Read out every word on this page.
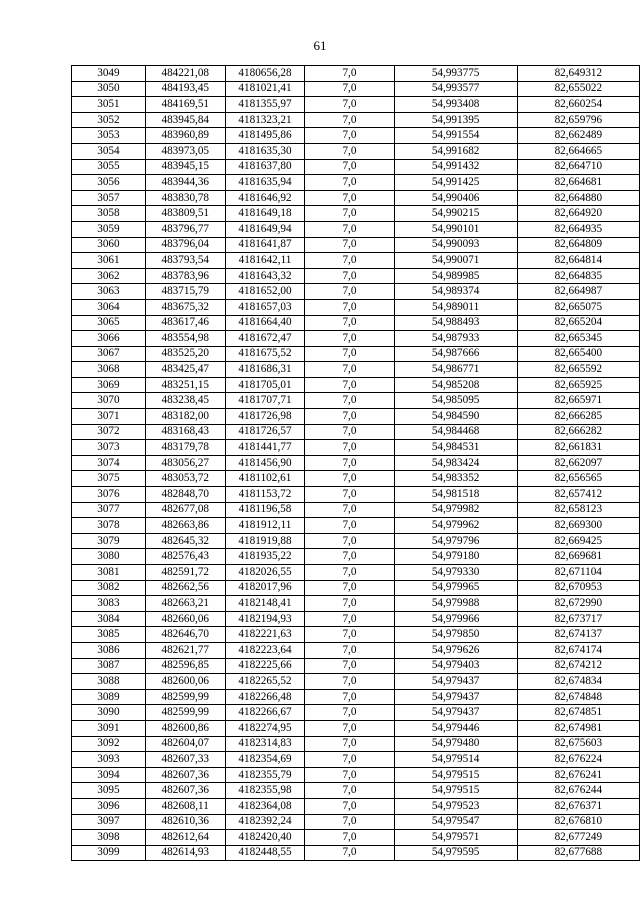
61
3049	484221,08	4180656,28	7,0	54,993775	82,649312
3050	484193,45	4181021,41	7,0	54,993577	82,655022
3051	484169,51	4181355,97	7,0	54,993408	82,660254
3052	483945,84	4181323,21	7,0	54,991395	82,659796
3053	483960,89	4181495,86	7,0	54,991554	82,662489
3054	483973,05	4181635,30	7,0	54,991682	82,664665
3055	483945,15	4181637,80	7,0	54,991432	82,664710
3056	483944,36	4181635,94	7,0	54,991425	82,664681
3057	483830,78	4181646,92	7,0	54,990406	82,664880
3058	483809,51	4181649,18	7,0	54,990215	82,664920
3059	483796,77	4181649,94	7,0	54,990101	82,664935
3060	483796,04	4181641,87	7,0	54,990093	82,664809
3061	483793,54	4181642,11	7,0	54,990071	82,664814
3062	483783,96	4181643,32	7,0	54,989985	82,664835
3063	483715,79	4181652,00	7,0	54,989374	82,664987
3064	483675,32	4181657,03	7,0	54,989011	82,665075
3065	483617,46	4181664,40	7,0	54,988493	82,665204
3066	483554,98	4181672,47	7,0	54,987933	82,665345
3067	483525,20	4181675,52	7,0	54,987666	82,665400
3068	483425,47	4181686,31	7,0	54,986771	82,665592
3069	483251,15	4181705,01	7,0	54,985208	82,665925
3070	483238,45	4181707,71	7,0	54,985095	82,665971
3071	483182,00	4181726,98	7,0	54,984590	82,666285
3072	483168,43	4181726,57	7,0	54,984468	82,666282
3073	483179,78	4181441,77	7,0	54,984531	82,661831
3074	483056,27	4181456,90	7,0	54,983424	82,662097
3075	483053,72	4181102,61	7,0	54,983352	82,656565
3076	482848,70	4181153,72	7,0	54,981518	82,657412
3077	482677,08	4181196,58	7,0	54,979982	82,658123
3078	482663,86	4181912,11	7,0	54,979962	82,669300
3079	482645,32	4181919,88	7,0	54,979796	82,669425
3080	482576,43	4181935,22	7,0	54,979180	82,669681
3081	482591,72	4182026,55	7,0	54,979330	82,671104
3082	482662,56	4182017,96	7,0	54,979965	82,670953
3083	482663,21	4182148,41	7,0	54,979988	82,672990
3084	482660,06	4182194,93	7,0	54,979966	82,673717
3085	482646,70	4182221,63	7,0	54,979850	82,674137
3086	482621,77	4182223,64	7,0	54,979626	82,674174
3087	482596,85	4182225,66	7,0	54,979403	82,674212
3088	482600,06	4182265,52	7,0	54,979437	82,674834
3089	482599,99	4182266,48	7,0	54,979437	82,674848
3090	482599,99	4182266,67	7,0	54,979437	82,674851
3091	482600,86	4182274,95	7,0	54,979446	82,674981
3092	482604,07	4182314,83	7,0	54,979480	82,675603
3093	482607,33	4182354,69	7,0	54,979514	82,676224
3094	482607,36	4182355,79	7,0	54,979515	82,676241
3095	482607,36	4182355,98	7,0	54,979515	82,676244
3096	482608,11	4182364,08	7,0	54,979523	82,676371
3097	482610,36	4182392,24	7,0	54,979547	82,676810
3098	482612,64	4182420,40	7,0	54,979571	82,677249
3099	482614,93	4182448,55	7,0	54,979595	82,677688
